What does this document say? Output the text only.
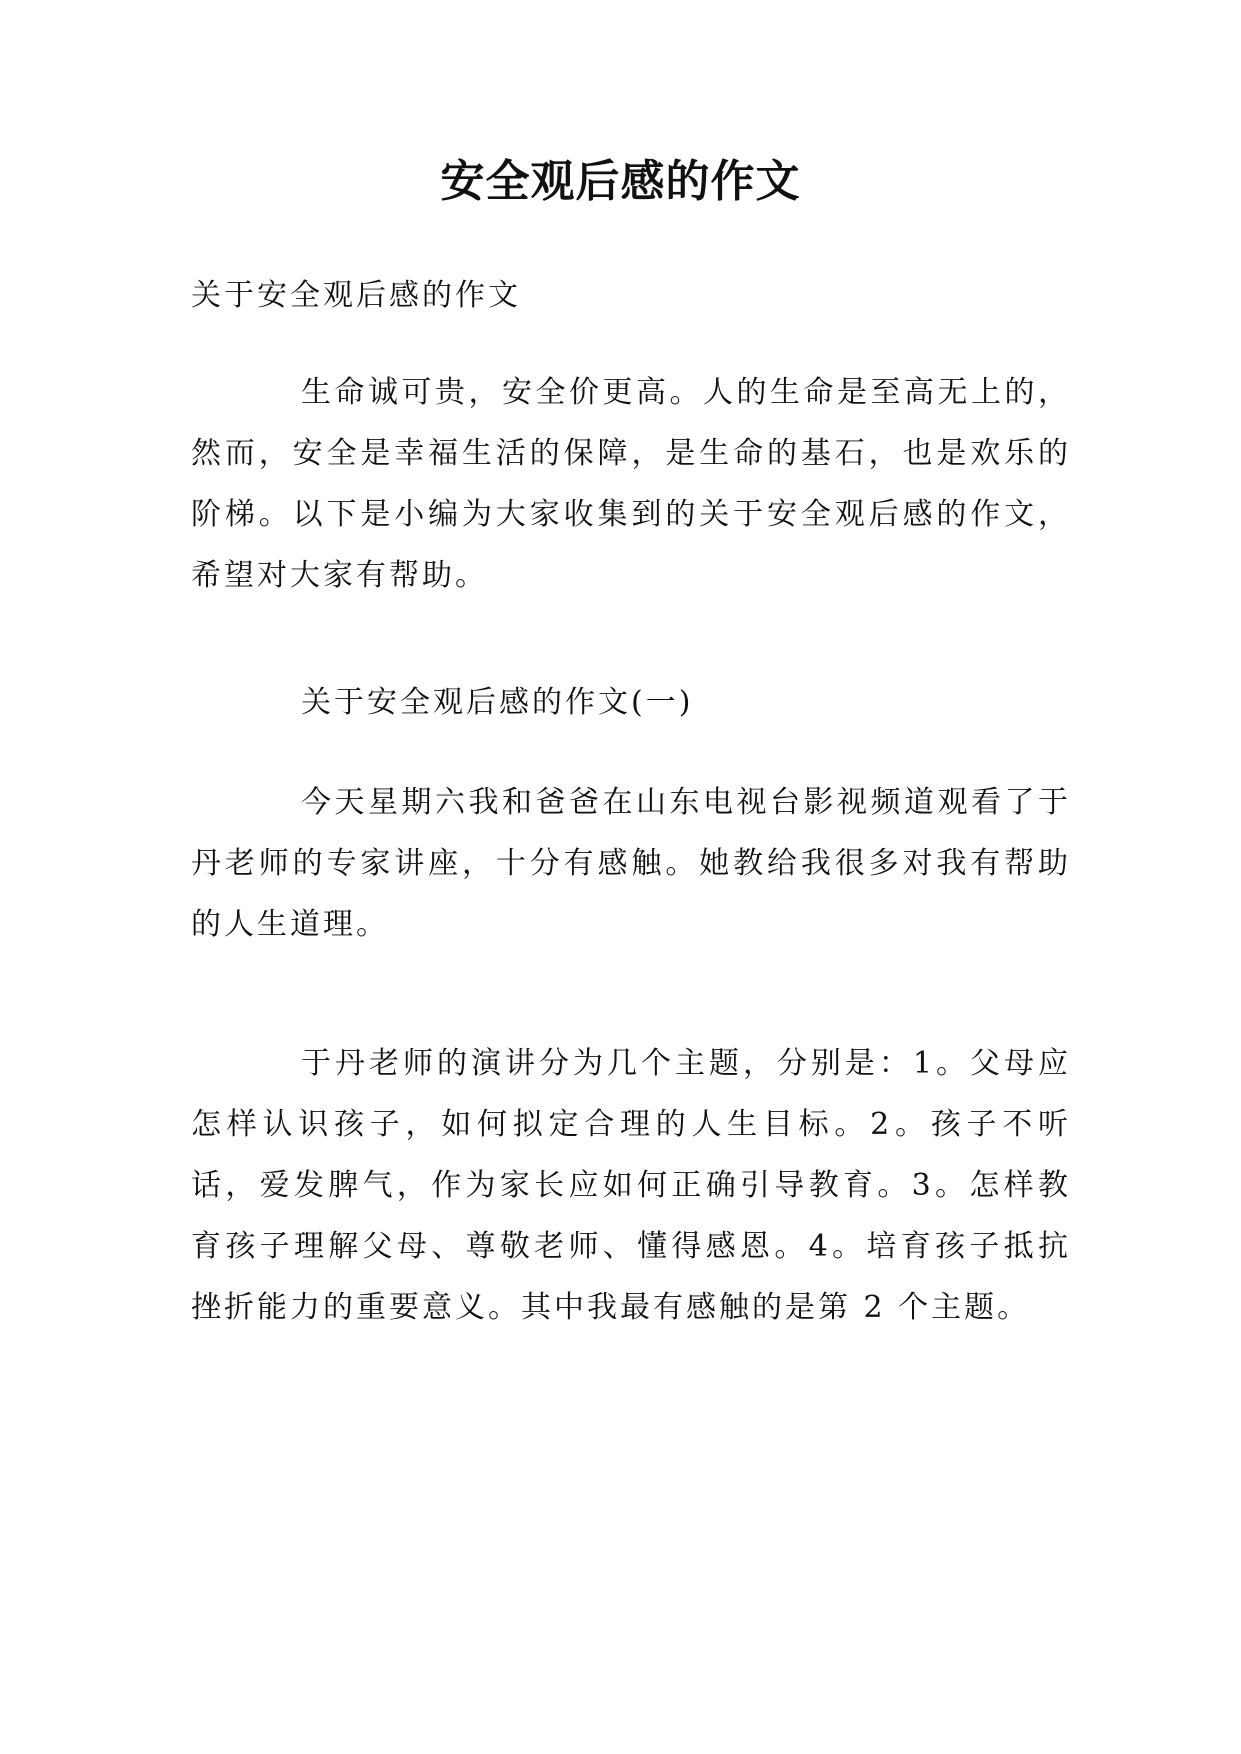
安全观后感的作文

关于安全观后感的作文

生命诚可贵，安全价更高。人的生命是至高无上的，然而，安全是幸福生活的保障，是生命的基石，也是欢乐的阶梯。以下是小编为大家收集到的关于安全观后感的作文，希望对大家有帮助。

关于安全观后感的作文(一)

今天星期六我和爸爸在山东电视台影视频道观看了于丹老师的专家讲座，十分有感触。她教给我很多对我有帮助的人生道理。

于丹老师的演讲分为几个主题，分别是：1。父母应怎样认识孩子，如何拟定合理的人生目标。2。孩子不听话，爱发脾气，作为家长应如何正确引导教育。3。怎样教育孩子理解父母、尊敬老师、懂得感恩。4。培育孩子抵抗挫折能力的重要意义。其中我最有感触的是第 2 个主题。
